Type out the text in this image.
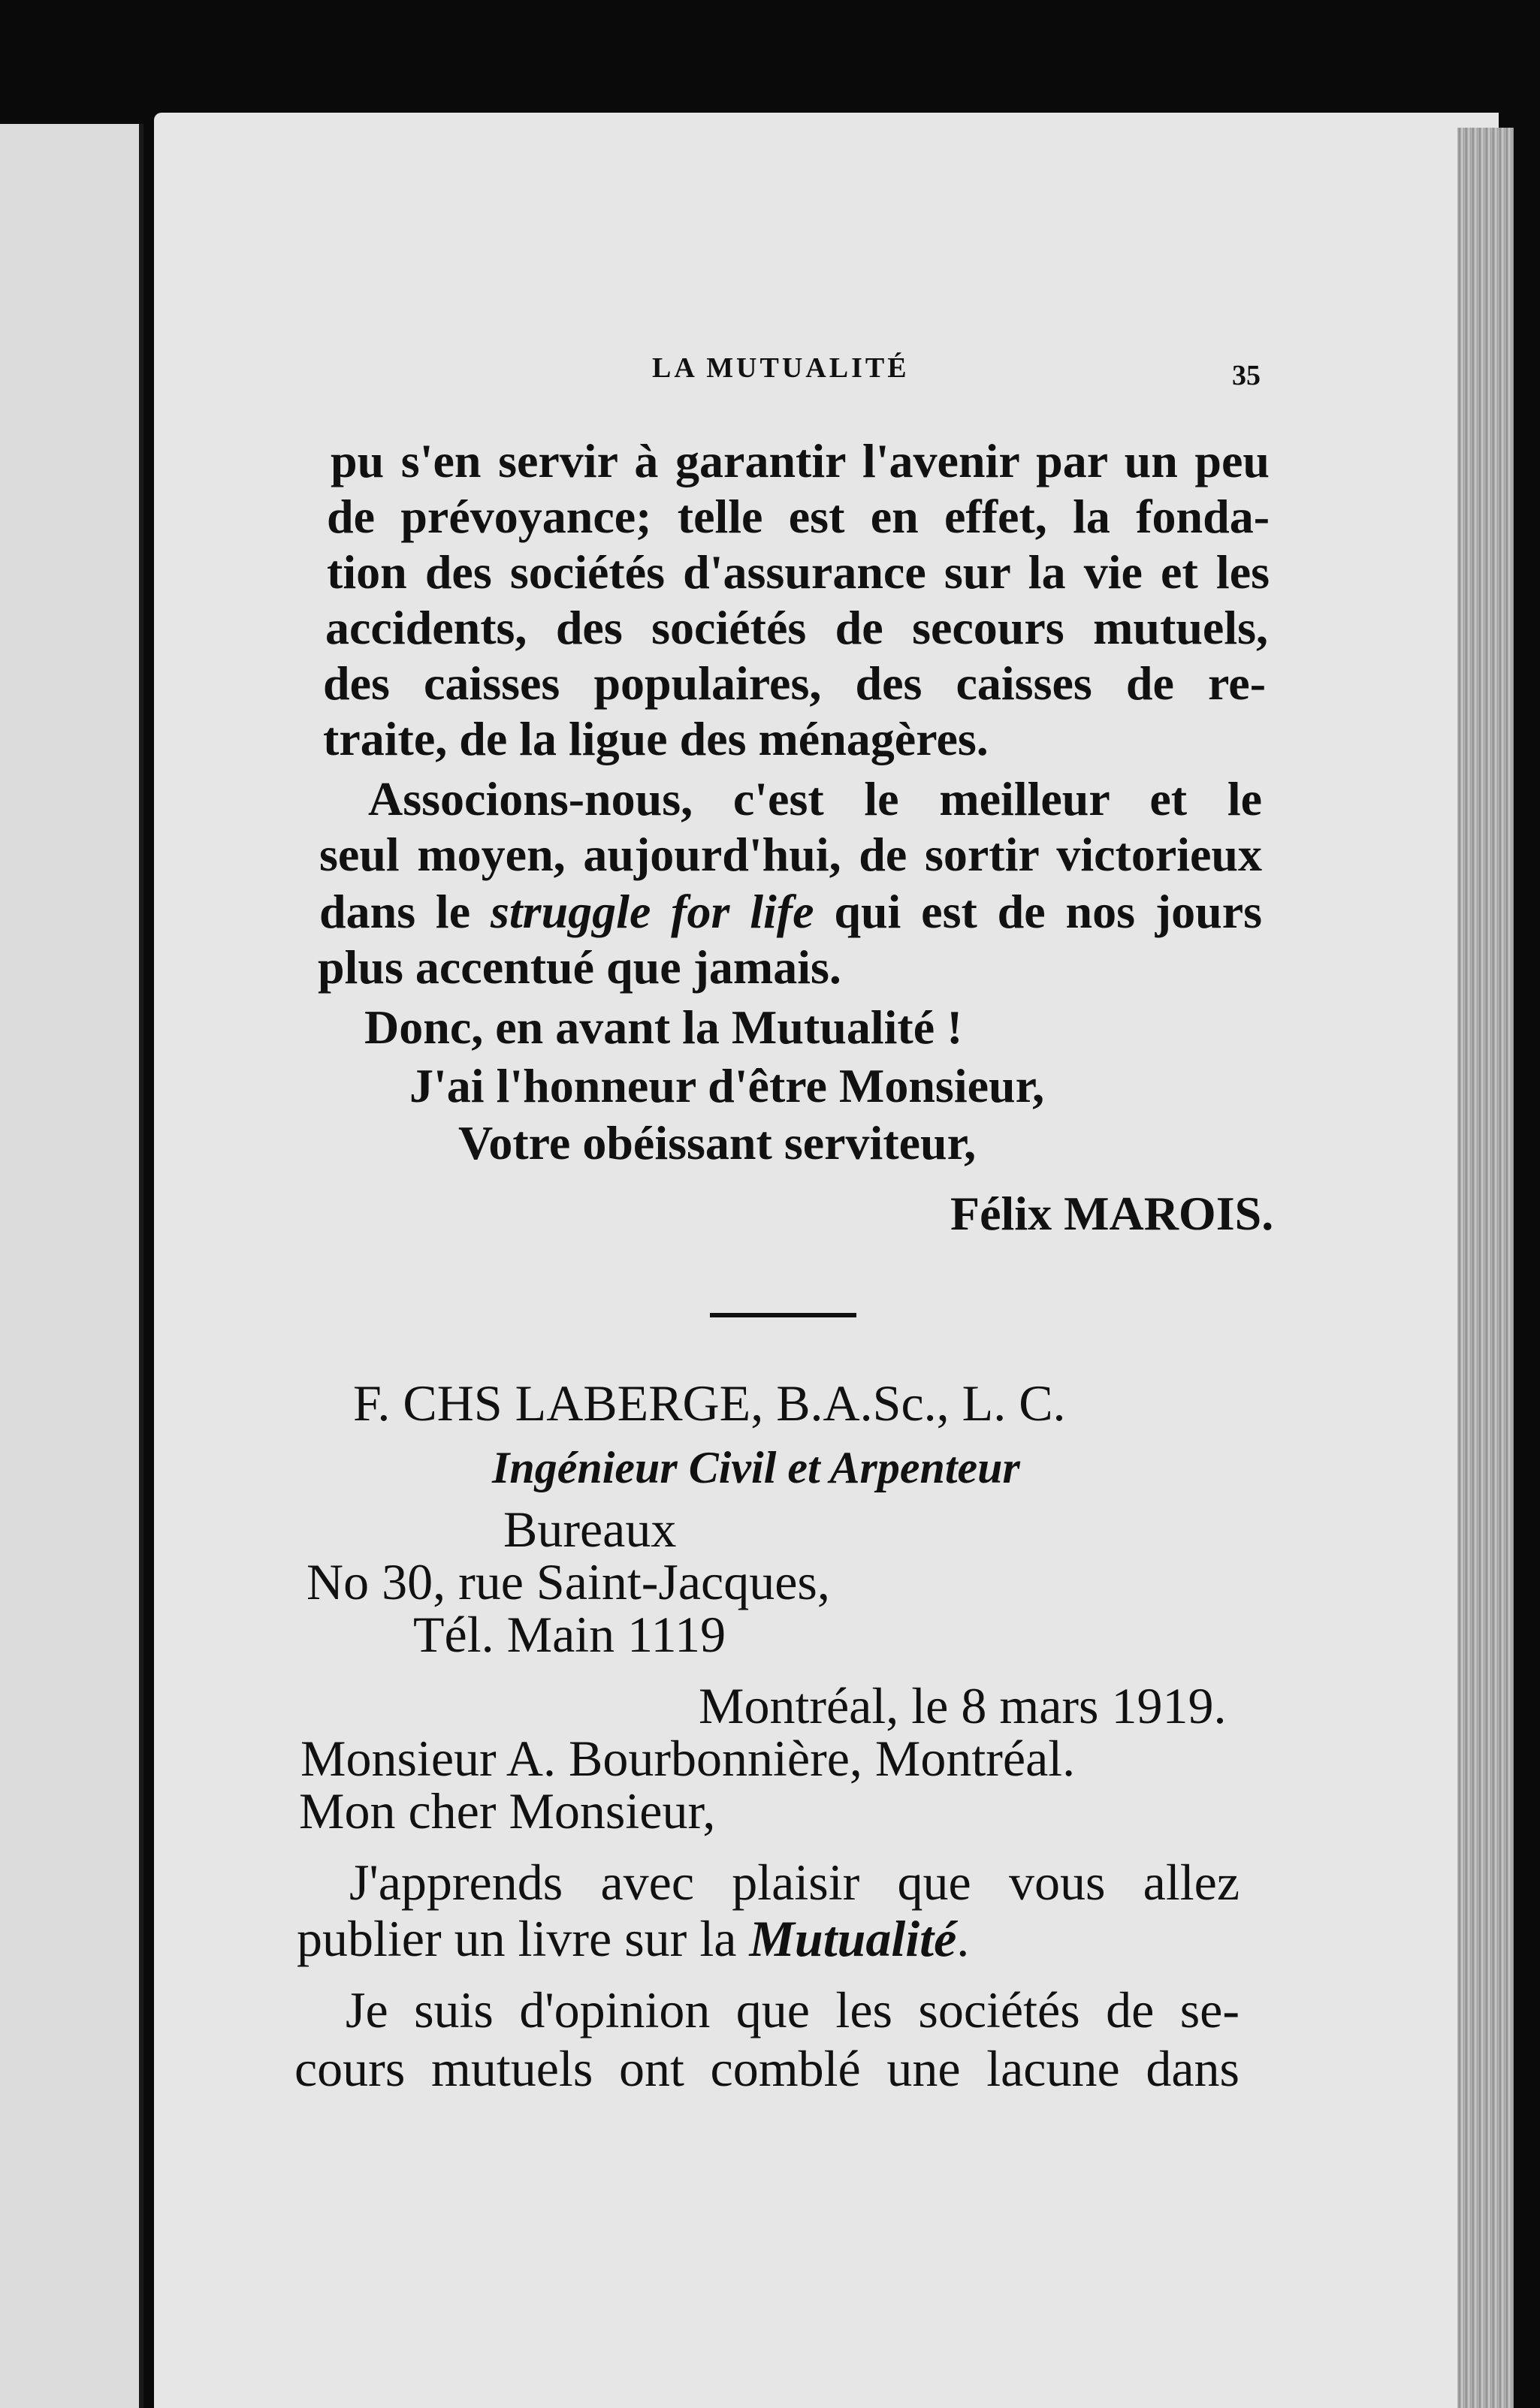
LA MUTUALITÉ	35
pu s'en servir à garantir l'avenir par un peu
de prévoyance; telle est en effet, la fonda-
tion des sociétés d'assurance sur la vie et les
accidents, des sociétés de secours mutuels,
des caisses populaires, des caisses de re-
traite, de la ligue des ménagères.
Associons-nous, c'est le meilleur et le
seul moyen, aujourd'hui, de sortir victorieux
dans le struggle for life qui est de nos jours
plus accentué que jamais.
Donc, en avant la Mutualité !
J'ai l'honneur d'être Monsieur,
Votre obéissant serviteur,
Félix MAROIS.
F. CHS LABERGE, B.A.Sc., L. C.
Ingénieur Civil et Arpenteur
Bureaux
No 30, rue Saint-Jacques,
Tél. Main 1119
Montréal, le 8 mars 1919.
Monsieur A. Bourbonnière, Montréal.
Mon cher Monsieur,
J'apprends avec plaisir que vous allez
publier un livre sur la Mutualité.
Je suis d'opinion que les sociétés de se-
cours mutuels ont comblé une lacune dans
